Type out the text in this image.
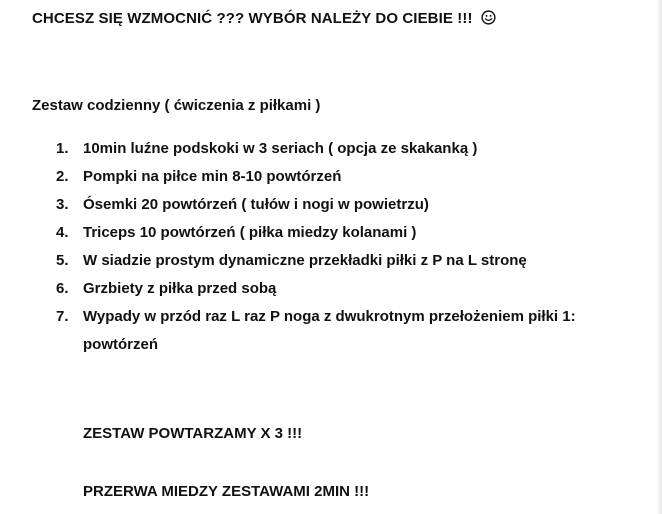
CHCESZ SIĘ WZMOCNIĆ ??? WYBÓR NALEŻY DO CIEBIE !!!
Zestaw codzienny ( ćwiczenia z piłkami )
1. 10min luźne podskoki w 3 seriach ( opcja ze skakanką )
2. Pompki na piłce min 8-10 powtórzeń
3. Ósemki 20 powtórzeń ( tułów i nogi w powietrzu)
4. Triceps 10 powtórzeń ( piłka miedzy kolanami )
5. W siadzie prostym dynamiczne przekładki piłki z P na L stronę
6. Grzbiety z piłka przed sobą
7. Wypady w przód raz L raz P noga z dwukrotnym przełożeniem piłki 1:
powtórzeń
ZESTAW POWTARZAMY X 3 !!!
PRZERWA MIEDZY ZESTAWAMI 2MIN !!!
